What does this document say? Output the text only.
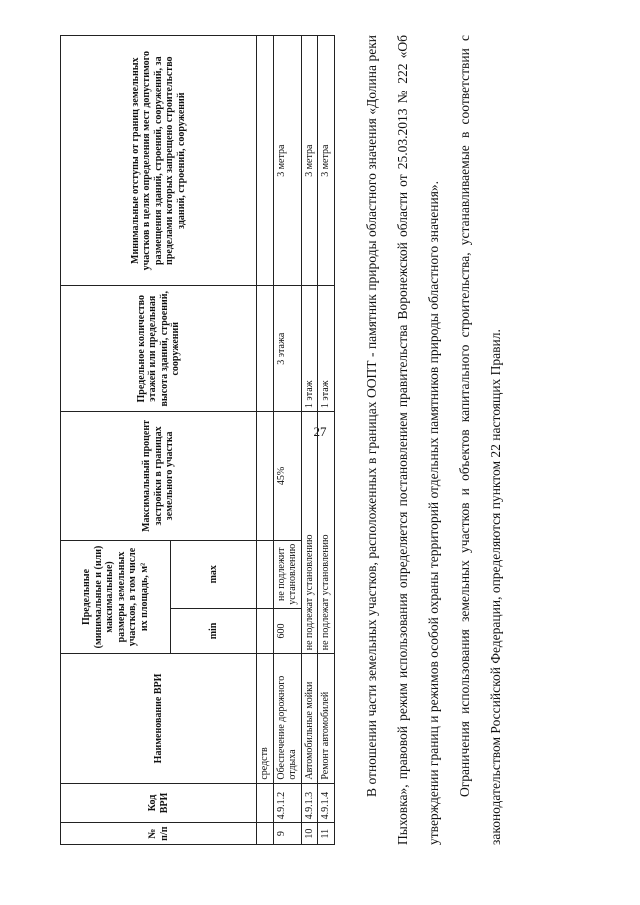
27
№ п/п	Код ВРИ	Наименование ВРИ	Предельные (минимальные и (или) максимальные) размеры земельных участков, в том числе их площадь, м²		Максимальный процент застройки в границах земельного участка	Предельное количество этажей или предельная высота зданий, строений, сооружений	Минимальные отступы от границ земельных участков в целях определения мест допустимого размещения зданий, строений, сооружений, за пределами которых запрещено строительство зданий, строений, сооружений
			min	max			
		средств					
9	4.9.1.2	Обеспечение дорожного отдыха	600	не подлежит установлению	45%	3 этажа	3 метра
10	4.9.1.3	Автомобильные мойки	не подлежат установлению			1 этаж	3 метра
11	4.9.1.4	Ремонт автомобилей	не подлежат установлению			1 этаж	3 метра	В отношении части земельных участков, расположенных в границах ООПТ - памятник природы областного значения «Долина реки Пыховка», правовой режим использования определяется постановлением правительства Воронежской области от 25.03.2013 № 222 «Об утверждении границ и режимов особой охраны территорий отдельных памятников природы областного значения».	Ограничения использования земельных участков и объектов капитального строительства, устанавливаемые в соответствии с законодательством Российской Федерации, определяются пунктом 22 настоящих Правил.
